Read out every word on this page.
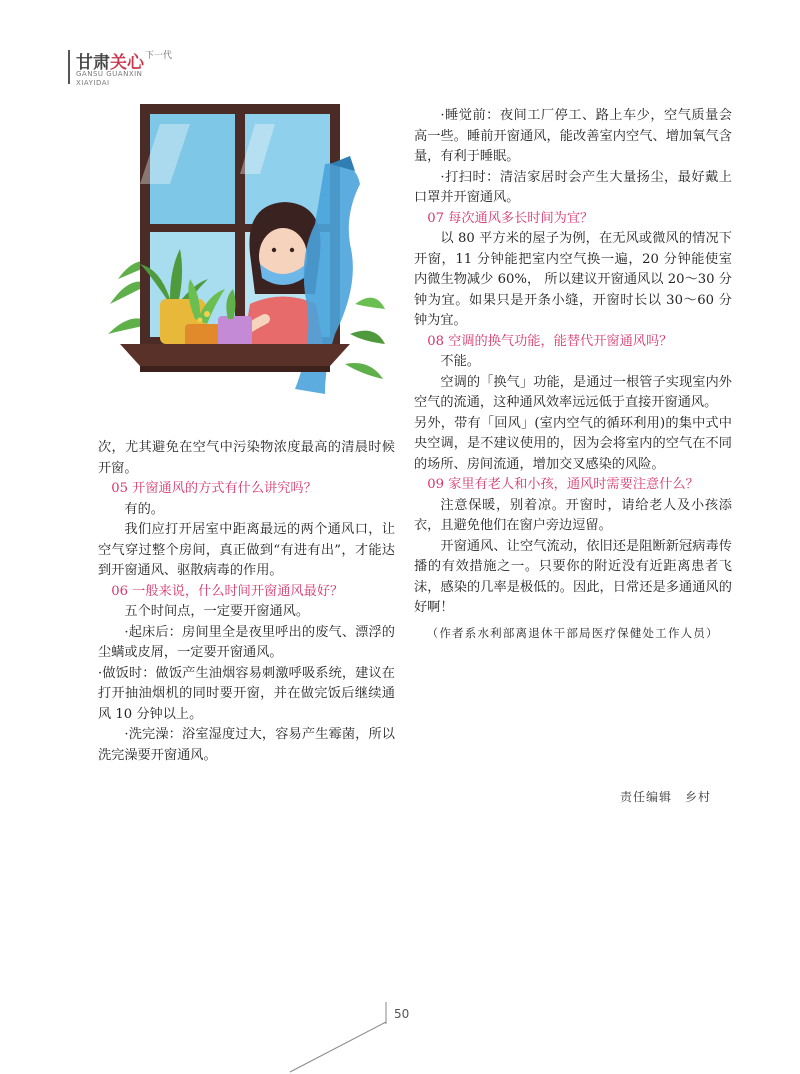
甘肃关心$^{下一代}$
GANSU GUANXIN
XIAYIDAI

次，尤其避免在空气中污染物浓度最高的清晨时候开窗。

05 开窗通风的方式有什么讲究吗？

有的。

我们应打开居室中距离最远的两个通风口，让空气穿过整个房间，真正做到“有进有出”，才能达到开窗通风、驱散病毒的作用。

06 一般来说，什么时间开窗通风最好？

五个时间点，一定要开窗通风。

·起床后：房间里全是夜里呼出的废气、漂浮的尘螨或皮屑，一定要开窗通风。

·做饭时：做饭产生油烟容易刺激呼吸系统，建议在打开抽油烟机的同时要开窗，并在做完饭后继续通风 10 分钟以上。

·洗完澡：浴室湿度过大，容易产生霉菌，所以洗完澡要开窗通风。

·睡觉前：夜间工厂停工、路上车少，空气质量会高一些。睡前开窗通风，能改善室内空气、增加氧气含量，有利于睡眠。

·打扫时：清洁家居时会产生大量扬尘，最好戴上口罩并开窗通风。

07 每次通风多长时间为宜？

以 80 平方米的屋子为例，在无风或微风的情况下开窗，11 分钟能把室内空气换一遍，20 分钟能使室内微生物减少 60%， 所以建议开窗通风以 20～30 分钟为宜。如果只是开条小缝，开窗时长以 30～60 分钟为宜。

08 空调的换气功能，能替代开窗通风吗？

不能。

空调的「换气」功能，是通过一根管子实现室内外空气的流通，这种通风效率远远低于直接开窗通风。

另外，带有「回风」(室内空气的循环利用)的集中式中央空调，是不建议使用的，因为会将室内的空气在不同的场所、房间流通，增加交叉感染的风险。

09 家里有老人和小孩，通风时需要注意什么？

注意保暖，别着凉。开窗时，请给老人及小孩添衣，且避免他们在窗户旁边逗留。

开窗通风、让空气流动，依旧还是阻断新冠病毒传播的有效措施之一。只要你的附近没有近距离患者飞沫，感染的几率是极低的。因此，日常还是多通通风的好啊！

（作者系水利部离退休干部局医疗保健处工作人员）

责任编辑　乡村
50
